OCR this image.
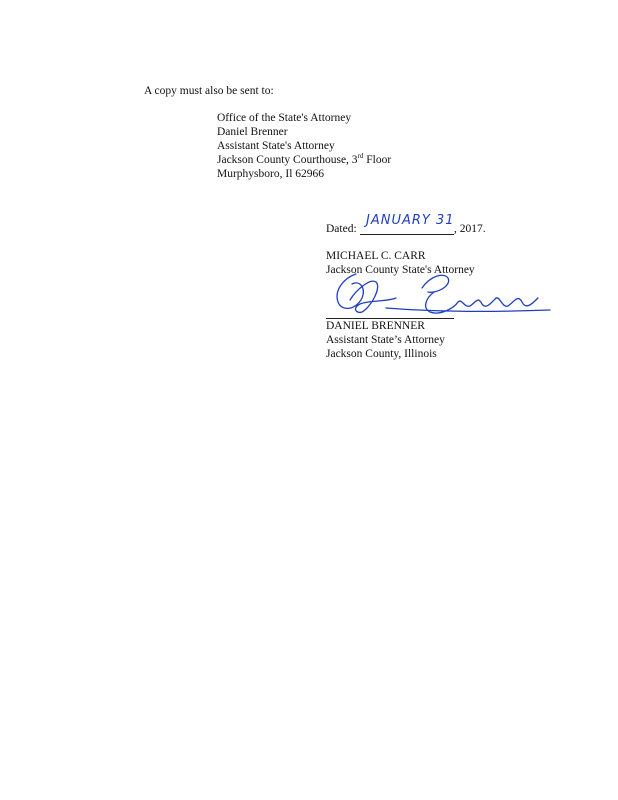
A copy must also be sent to:
Office of the State's Attorney
Daniel Brenner
Assistant State's Attorney
Jackson County Courthouse, 3rd Floor
Murphysboro, Il 62966
Dated:
JANUARY 31
, 2017.
MICHAEL C. CARR
Jackson County State's Attorney
DANIEL BRENNER
Assistant State’s Attorney
Jackson County, Illinois
